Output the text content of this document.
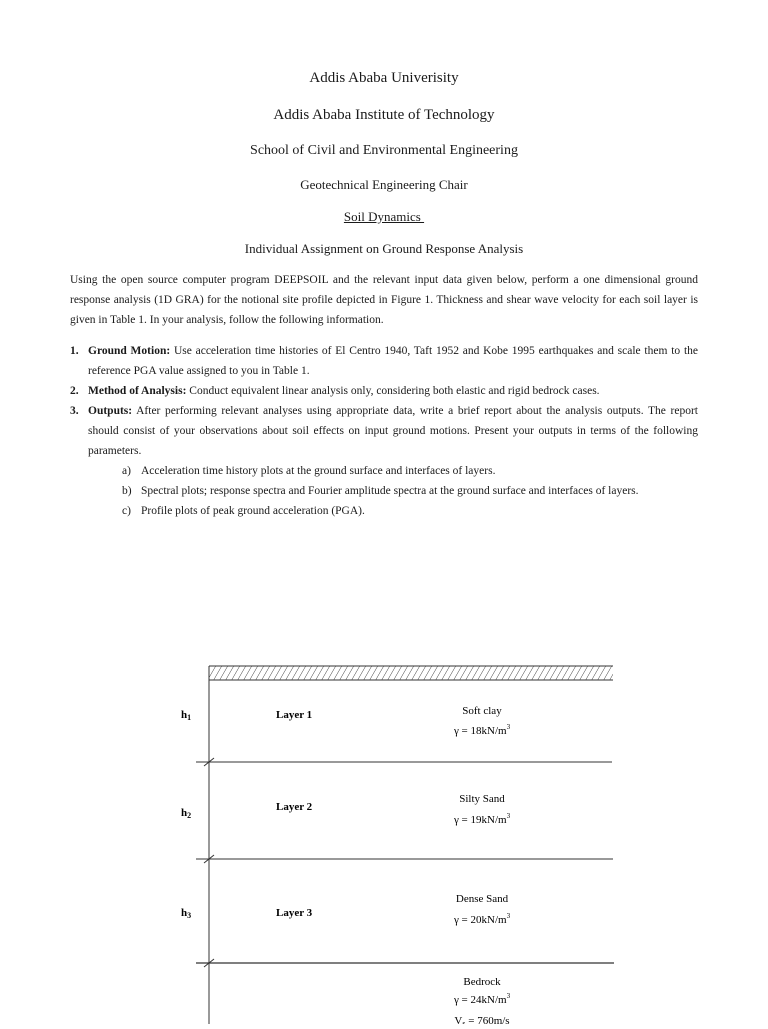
Addis Ababa Univerisity
Addis Ababa Institute of Technology
School of Civil and Environmental Engineering
Geotechnical Engineering Chair
Soil Dynamics
Individual Assignment on Ground Response Analysis
Using the open source computer program DEEPSOIL and the relevant input data given below, perform a one dimensional ground response analysis (1D GRA) for the notional site profile depicted in Figure 1. Thickness and shear wave velocity for each soil layer is given in Table 1. In your analysis, follow the following information.
1. Ground Motion: Use acceleration time histories of El Centro 1940, Taft 1952 and Kobe 1995 earthquakes and scale them to the reference PGA value assigned to you in Table 1.
2. Method of Analysis: Conduct equivalent linear analysis only, considering both elastic and rigid bedrock cases.
3. Outputs: After performing relevant analyses using appropriate data, write a brief report about the analysis outputs. The report should consist of your observations about soil effects on input ground motions. Present your outputs in terms of the following parameters.
a) Acceleration time history plots at the ground surface and interfaces of layers.
b) Spectral plots; response spectra and Fourier amplitude spectra at the ground surface and interfaces of layers.
c) Profile plots of peak ground acceleration (PGA).
h1	Layer 1	Soft clay
$\gamma = 18kN/m^3$
h2
Layer 2
Silty Sand
$\gamma = 19kN/m^3$
h3	Layer 3
Dense Sand
$\gamma = 20kN/m^3$
Bedrock
$\gamma = 24kN/m^3$
Vs = 760m/s
